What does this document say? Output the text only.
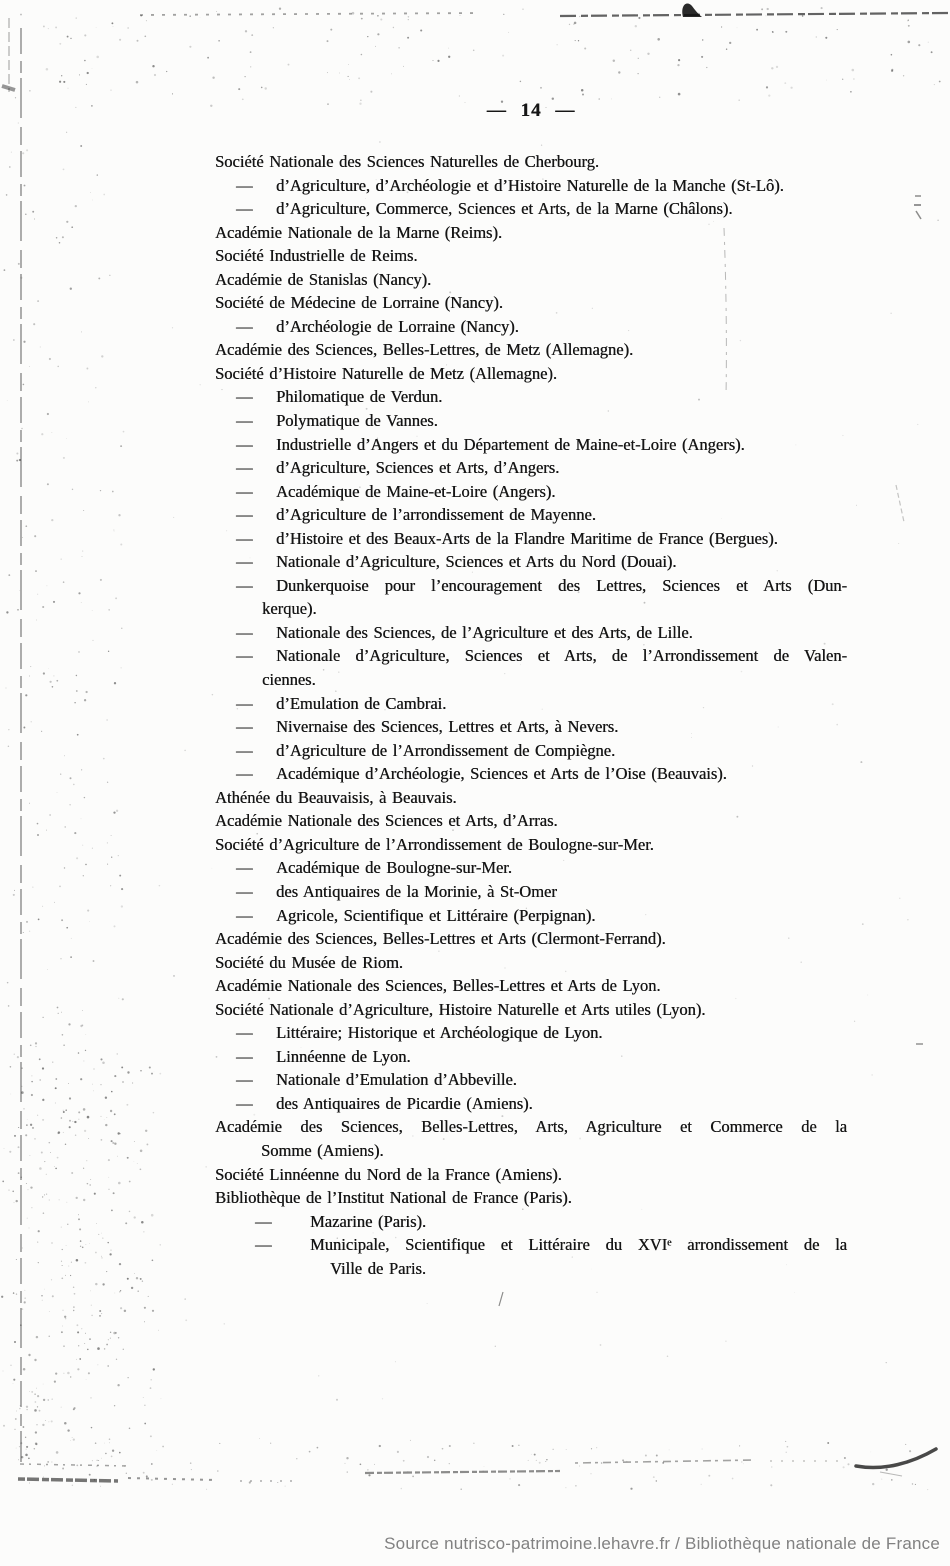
— 14 —
Société Nationale des Sciences Naturelles de Cherbourg.
— d’Agriculture, d’Archéologie et d’Histoire Naturelle de la Manche (St-Lô).
— d’Agriculture, Commerce, Sciences et Arts, de la Marne (Châlons).
Académie Nationale de la Marne (Reims).
Société Industrielle de Reims.
Académie de Stanislas (Nancy).
Société de Médecine de Lorraine (Nancy).
— d’Archéologie de Lorraine (Nancy).
Académie des Sciences, Belles-Lettres, de Metz (Allemagne).
Société d’Histoire Naturelle de Metz (Allemagne).
— Philomatique de Verdun.
— Polymatique de Vannes.
— Industrielle d’Angers et du Département de Maine-et-Loire (Angers).
— d’Agriculture, Sciences et Arts, d’Angers.
— Académique de Maine-et-Loire (Angers).
— d’Agriculture de l’arrondissement de Mayenne.
— d’Histoire et des Beaux-Arts de la Flandre Maritime de France (Bergues).
— Nationale d’Agriculture, Sciences et Arts du Nord (Douai).
— Dunkerquoise pour l’encouragement des Lettres, Sciences et Arts (Dun-
kerque).
— Nationale des Sciences, de l’Agriculture et des Arts, de Lille.
— Nationale d’Agriculture, Sciences et Arts, de l’Arrondissement de Valen-
ciennes.
— d’Emulation de Cambrai.
— Nivernaise des Sciences, Lettres et Arts, à Nevers.
— d’Agriculture de l’Arrondissement de Compiègne.
— Académique d’Archéologie, Sciences et Arts de l’Oise (Beauvais).
Athénée du Beauvaisis, à Beauvais.
Académie Nationale des Sciences et Arts, d’Arras.
Société d’Agriculture de l’Arrondissement de Boulogne-sur-Mer.
— Académique de Boulogne-sur-Mer.
— des Antiquaires de la Morinie, à St-Omer
— Agricole, Scientifique et Littéraire (Perpignan).
Académie des Sciences, Belles-Lettres et Arts (Clermont-Ferrand).
Société du Musée de Riom.
Académie Nationale des Sciences, Belles-Lettres et Arts de Lyon.
Société Nationale d’Agriculture, Histoire Naturelle et Arts utiles (Lyon).
— Littéraire; Historique et Archéologique de Lyon.
— Linnéenne de Lyon.
— Nationale d’Emulation d’Abbeville.
— des Antiquaires de Picardie (Amiens).
Académie des Sciences, Belles-Lettres, Arts, Agriculture et Commerce de la
Somme (Amiens).
Société Linnéenne du Nord de la France (Amiens).
Bibliothèque de l’Institut National de France (Paris).
— Mazarine (Paris).
— Municipale, Scientifique et Littéraire du XVIᵉ arrondissement de la
Ville de Paris.
Source nutrisco-patrimoine.lehavre.fr / Bibliothèque nationale de France
